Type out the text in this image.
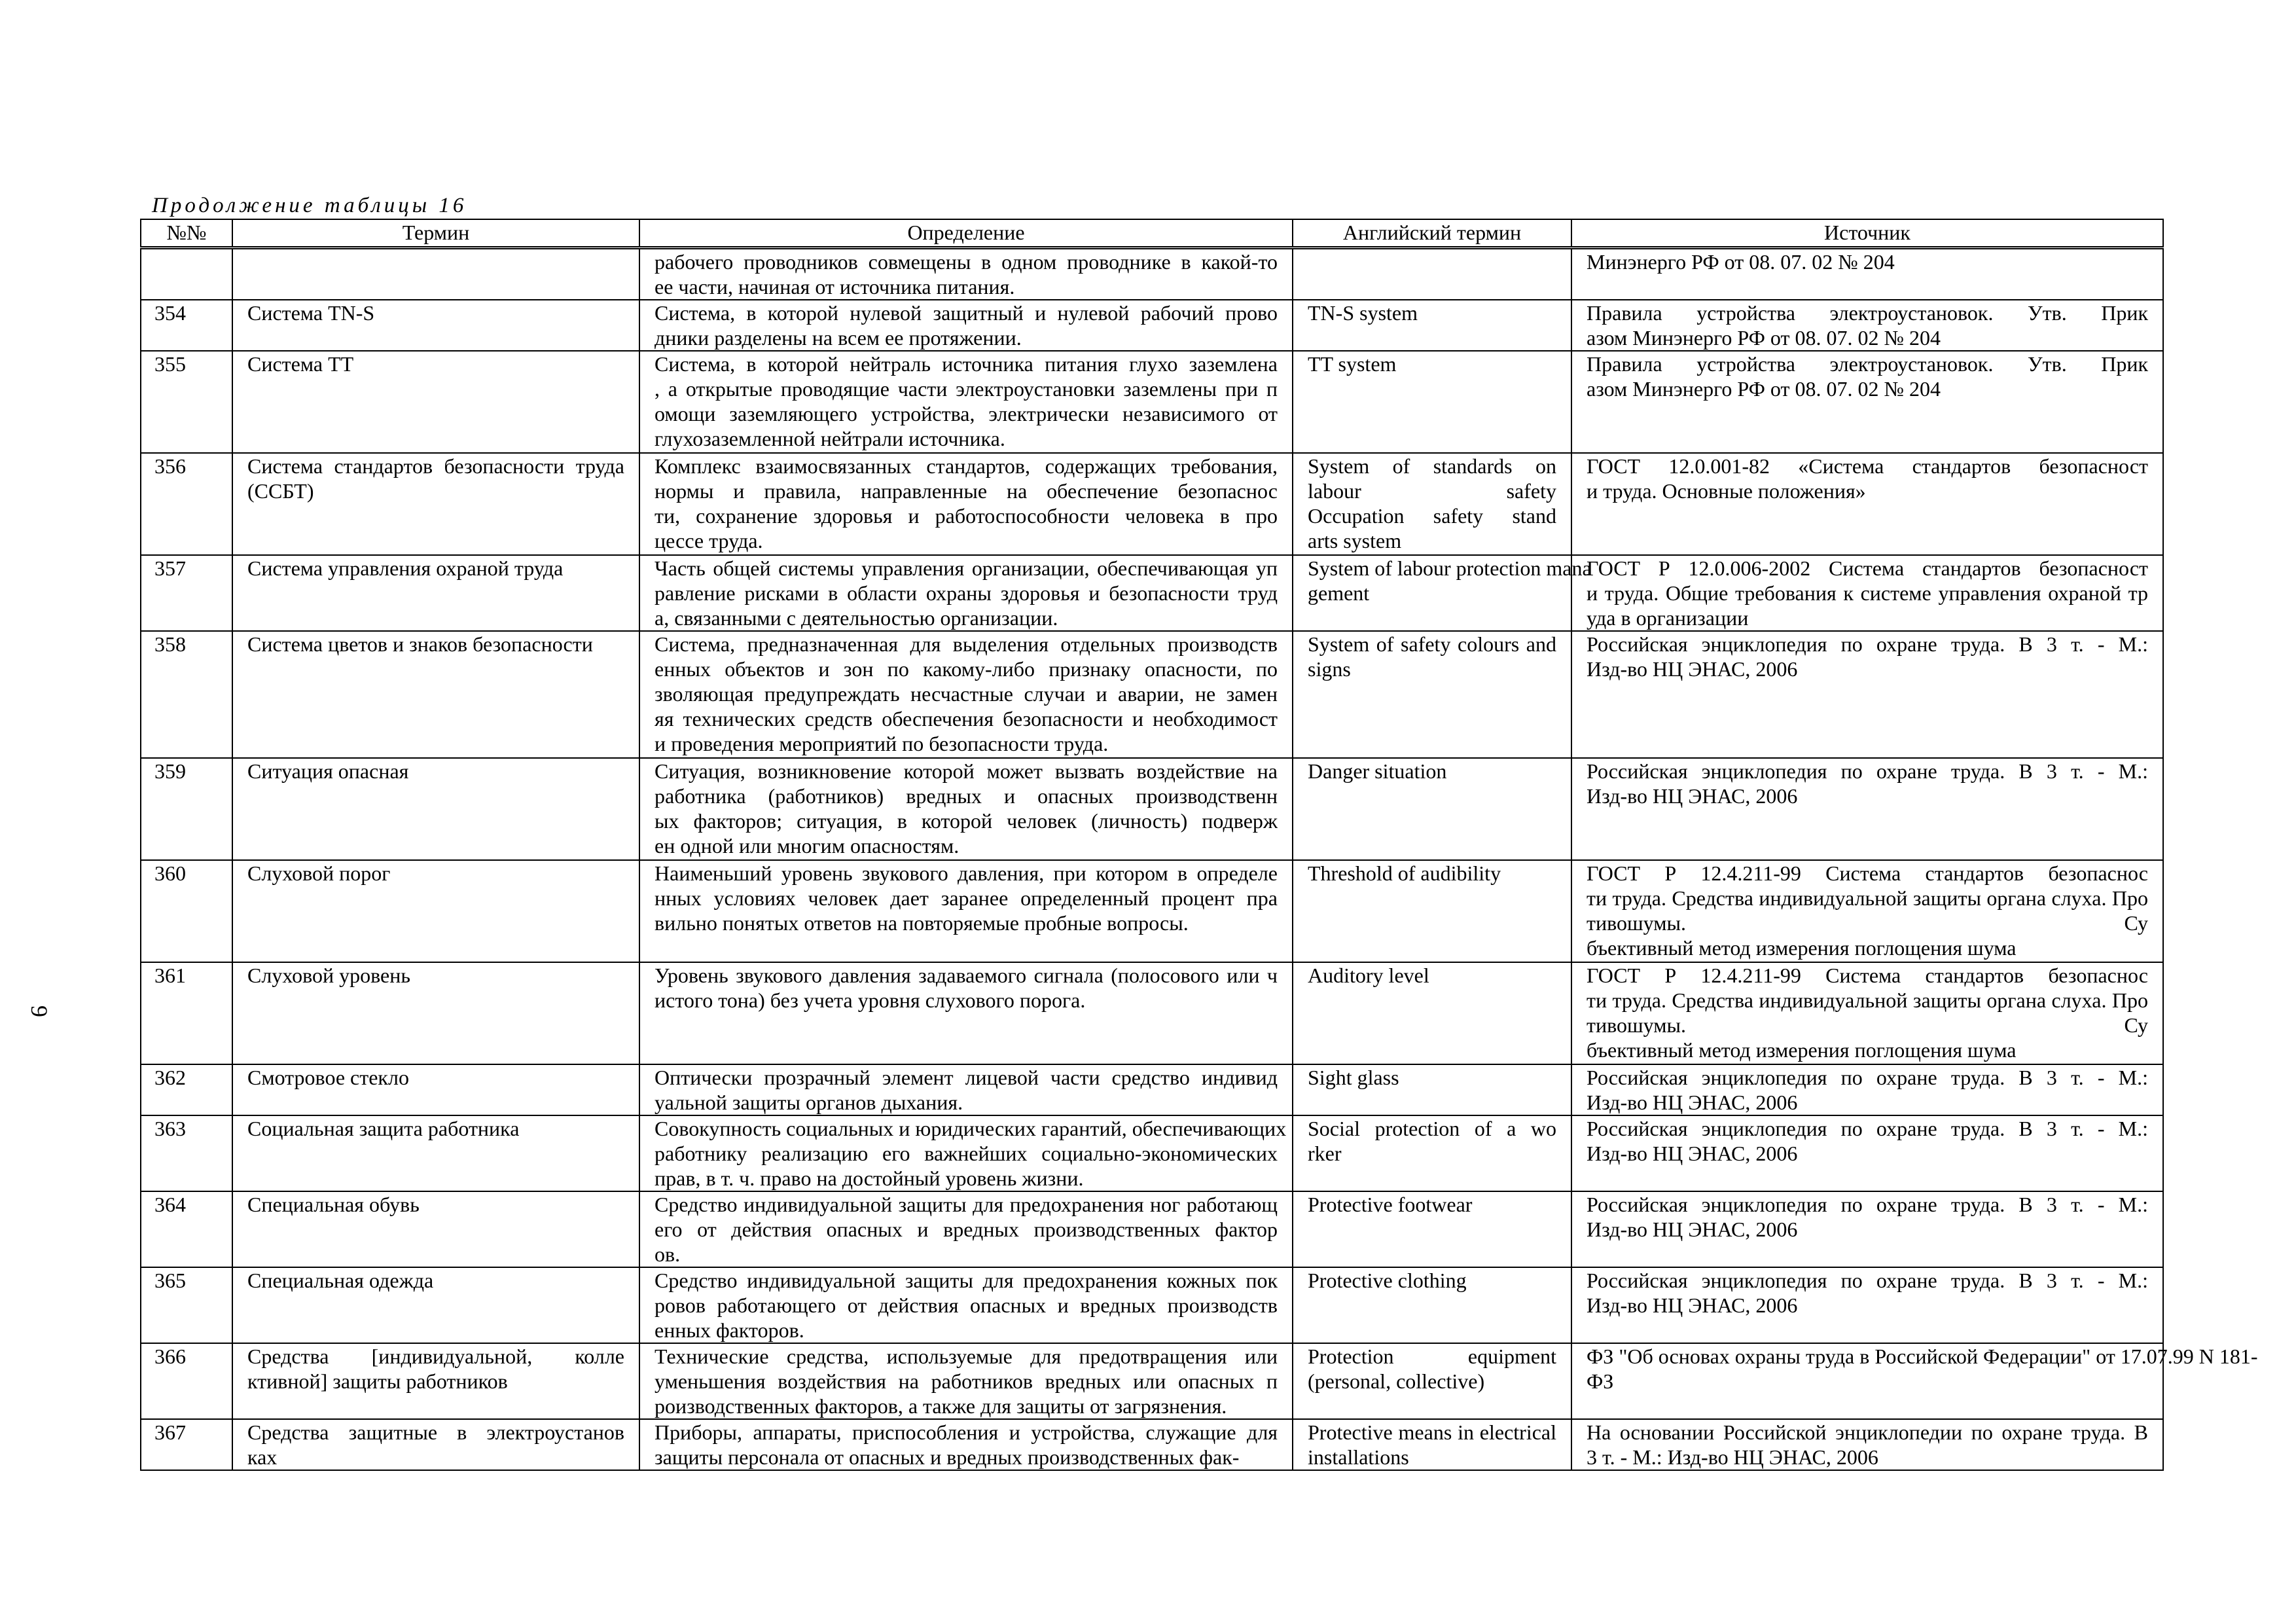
Продолжение таблицы 16
9
№№	Термин	Определение	Английский термин	Источник

		рабочего проводников совмещены в одном проводнике в какой-то
ее части, начиная от источника питания.		Минэнерго РФ от 08. 07. 02 № 204
354	Система TN-S	Система, в которой нулевой защитный и нулевой рабочий прово
дники разделены на всем ее протяжении.	TN-S system	Правила устройства электроустановок. Утв. Прик
азом Минэнерго РФ от 08. 07. 02 № 204

355	Система ТТ	Система, в которой нейтраль источника питания глухо заземлена
, а открытые проводящие части электроустановки заземлены при п
омощи заземляющего устройства, электрически независимого от
глухозаземленной нейтрали источника.	TT system	Правила устройства электроустановок. Утв. Прик
азом Минэнерго РФ от 08. 07. 02 № 204

356	Система стандартов безопасности труда
(ССБТ)	Комплекс взаимосвязанных стандартов, содержащих требования,
нормы и правила, направленные на обеспечение безопаснос
ти, сохранение здоровья и работоспособности человека в про
цессе труда.	System of standards on
labour safety
Occupation safety stand
arts system	ГОСТ 12.0.001-82 «Система стандартов безопасност
и труда. Основные положения»

357	Система управления охраной труда	Часть общей системы управления организации, обеспечивающая уп
равление рисками в области охраны здоровья и безопасности труд
а, связанными с деятельностью организации.	System of labour protection mana
gement	ГОСТ Р 12.0.006-2002 Система стандартов безопасност
и труда. Общие требования к системе управления охраной тр
уда в организации

358	Система цветов и знаков безопасности	Система, предназначенная для выделения отдельных производств
енных объектов и зон по какому-либо признаку опасности, по
зволяющая предупреждать несчастные случаи и аварии, не замен
яя технических средств обеспечения безопасности и необходимост
и проведения мероприятий по безопасности труда.	System of safety colours and
signs	Российская энциклопедия по охране труда. В 3 т. - М.:
Изд-во НЦ ЭНАС, 2006

359	Ситуация опасная	Ситуация, возникновение которой может вызвать воздействие на
работника (работников) вредных и опасных производственн
ых факторов; ситуация, в которой человек (личность) подверж
ен одной или многим опасностям.	Danger situation	Российская энциклопедия по охране труда. В 3 т. - М.:
Изд-во НЦ ЭНАС, 2006

360	Слуховой порог	Наименьший уровень звукового давления, при котором в определе
нных условиях человек дает заранее определенный процент пра
вильно понятых ответов на повторяемые пробные вопросы.	Threshold of audibility	ГОСТ Р 12.4.211-99 Система стандартов безопаснос
ти труда. Средства индивидуальной защиты органа слуха. Про
тивошумы. Су
бъективный метод измерения поглощения шума

361	Слуховой уровень	Уровень звукового давления задаваемого сигнала (полосового или ч
истого тона) без учета уровня слухового порога.	Auditory level	ГОСТ Р 12.4.211-99 Система стандартов безопаснос
ти труда. Средства индивидуальной защиты органа слуха. Про
тивошумы. Су
бъективный метод измерения поглощения шума

362	Смотровое стекло	Оптически прозрачный элемент лицевой части средство индивид
уальной защиты органов дыхания.	Sight glass	Российская энциклопедия по охране труда. В 3 т. - М.:
Изд-во НЦ ЭНАС, 2006

363	Социальная защита работника	Совокупность социальных и юридических гарантий, обеспечивающих
работнику реализацию его важнейших социально-экономических
прав, в т. ч. право на достойный уровень жизни.	Social protection of a wo
rker	Российская энциклопедия по охране труда. В 3 т. - М.:
Изд-во НЦ ЭНАС, 2006

364	Специальная обувь	Средство индивидуальной защиты для предохранения ног работающ
его от действия опасных и вредных производственных фактор
ов.	Protective footwear	Российская энциклопедия по охране труда. В 3 т. - М.:
Изд-во НЦ ЭНАС, 2006

365	Специальная одежда	Средство индивидуальной защиты для предохранения кожных пок
ровов работающего от действия опасных и вредных производств
енных факторов.	Protective clothing	Российская энциклопедия по охране труда. В 3 т. - М.:
Изд-во НЦ ЭНАС, 2006

366	Средства [индивидуальной, колле
ктивной] защиты работников	Технические средства, используемые для предотвращения или
уменьшения воздействия на работников вредных или опасных п
роизводственных факторов, а также для защиты от загрязнения.	Protection equipment
(personal, collective)	ФЗ "Об основах охраны труда в Российской Федерации" от 17.07.99 N 181-
ФЗ

367	Средства защитные в электроустанов
ках	Приборы, аппараты, приспособления и устройства, служащие для
защиты персонала от опасных и вредных производственных фак-	Protective means in electrical
installations	На основании Российской энциклопедии по охране труда. В
3 т. - М.: Изд-во НЦ ЭНАС, 2006
